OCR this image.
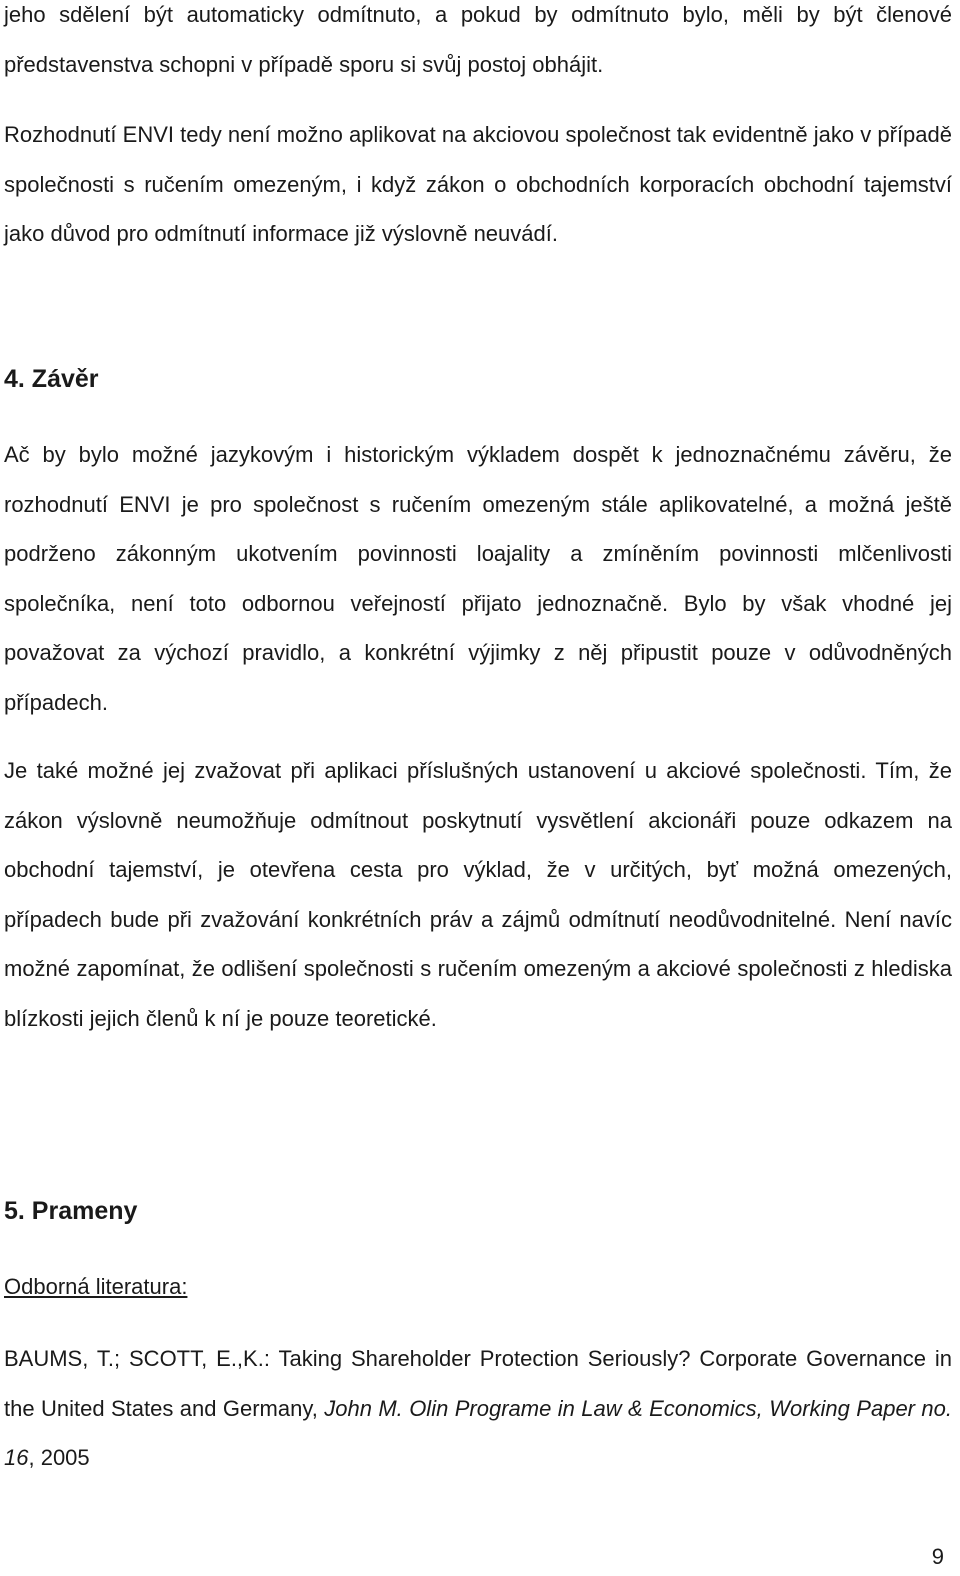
jeho sdělení být automaticky odmítnuto, a pokud by odmítnuto bylo, měli by být členové představenstva schopni v případě sporu si svůj postoj obhájit.

Rozhodnutí ENVI tedy není možno aplikovat na akciovou společnost tak evidentně jako v případě společnosti s ručením omezeným, i když zákon o obchodních korporacích obchodní tajemství jako důvod pro odmítnutí informace již výslovně neuvádí.

4. Závěr

Ač by bylo možné jazykovým i historickým výkladem dospět k jednoznačnému závěru, že rozhodnutí ENVI je pro společnost s ručením omezeným stále aplikovatelné, a možná ještě podrženo zákonným ukotvením povinnosti loajality a zmíněním povinnosti mlčenlivosti společníka, není toto odbornou veřejností přijato jednoznačně. Bylo by však vhodné jej považovat za výchozí pravidlo, a konkrétní výjimky z něj připustit pouze v odůvodněných případech.

Je také možné jej zvažovat při aplikaci příslušných ustanovení u akciové společnosti. Tím, že zákon výslovně neumožňuje odmítnout poskytnutí vysvětlení akcionáři pouze odkazem na obchodní tajemství, je otevřena cesta pro výklad, že v určitých, byť možná omezených, případech bude při zvažování konkrétních práv a zájmů odmítnutí neodůvodnitelné. Není navíc možné zapomínat, že odlišení společnosti s ručením omezeným a akciové společnosti z hlediska blízkosti jejich členů k ní je pouze teoretické.

5. Prameny

Odborná literatura:

BAUMS, T.; SCOTT, E.,K.: Taking Shareholder Protection Seriously? Corporate Governance in the United States and Germany, John M. Olin Programe in Law & Economics, Working Paper no. 16, 2005

9
